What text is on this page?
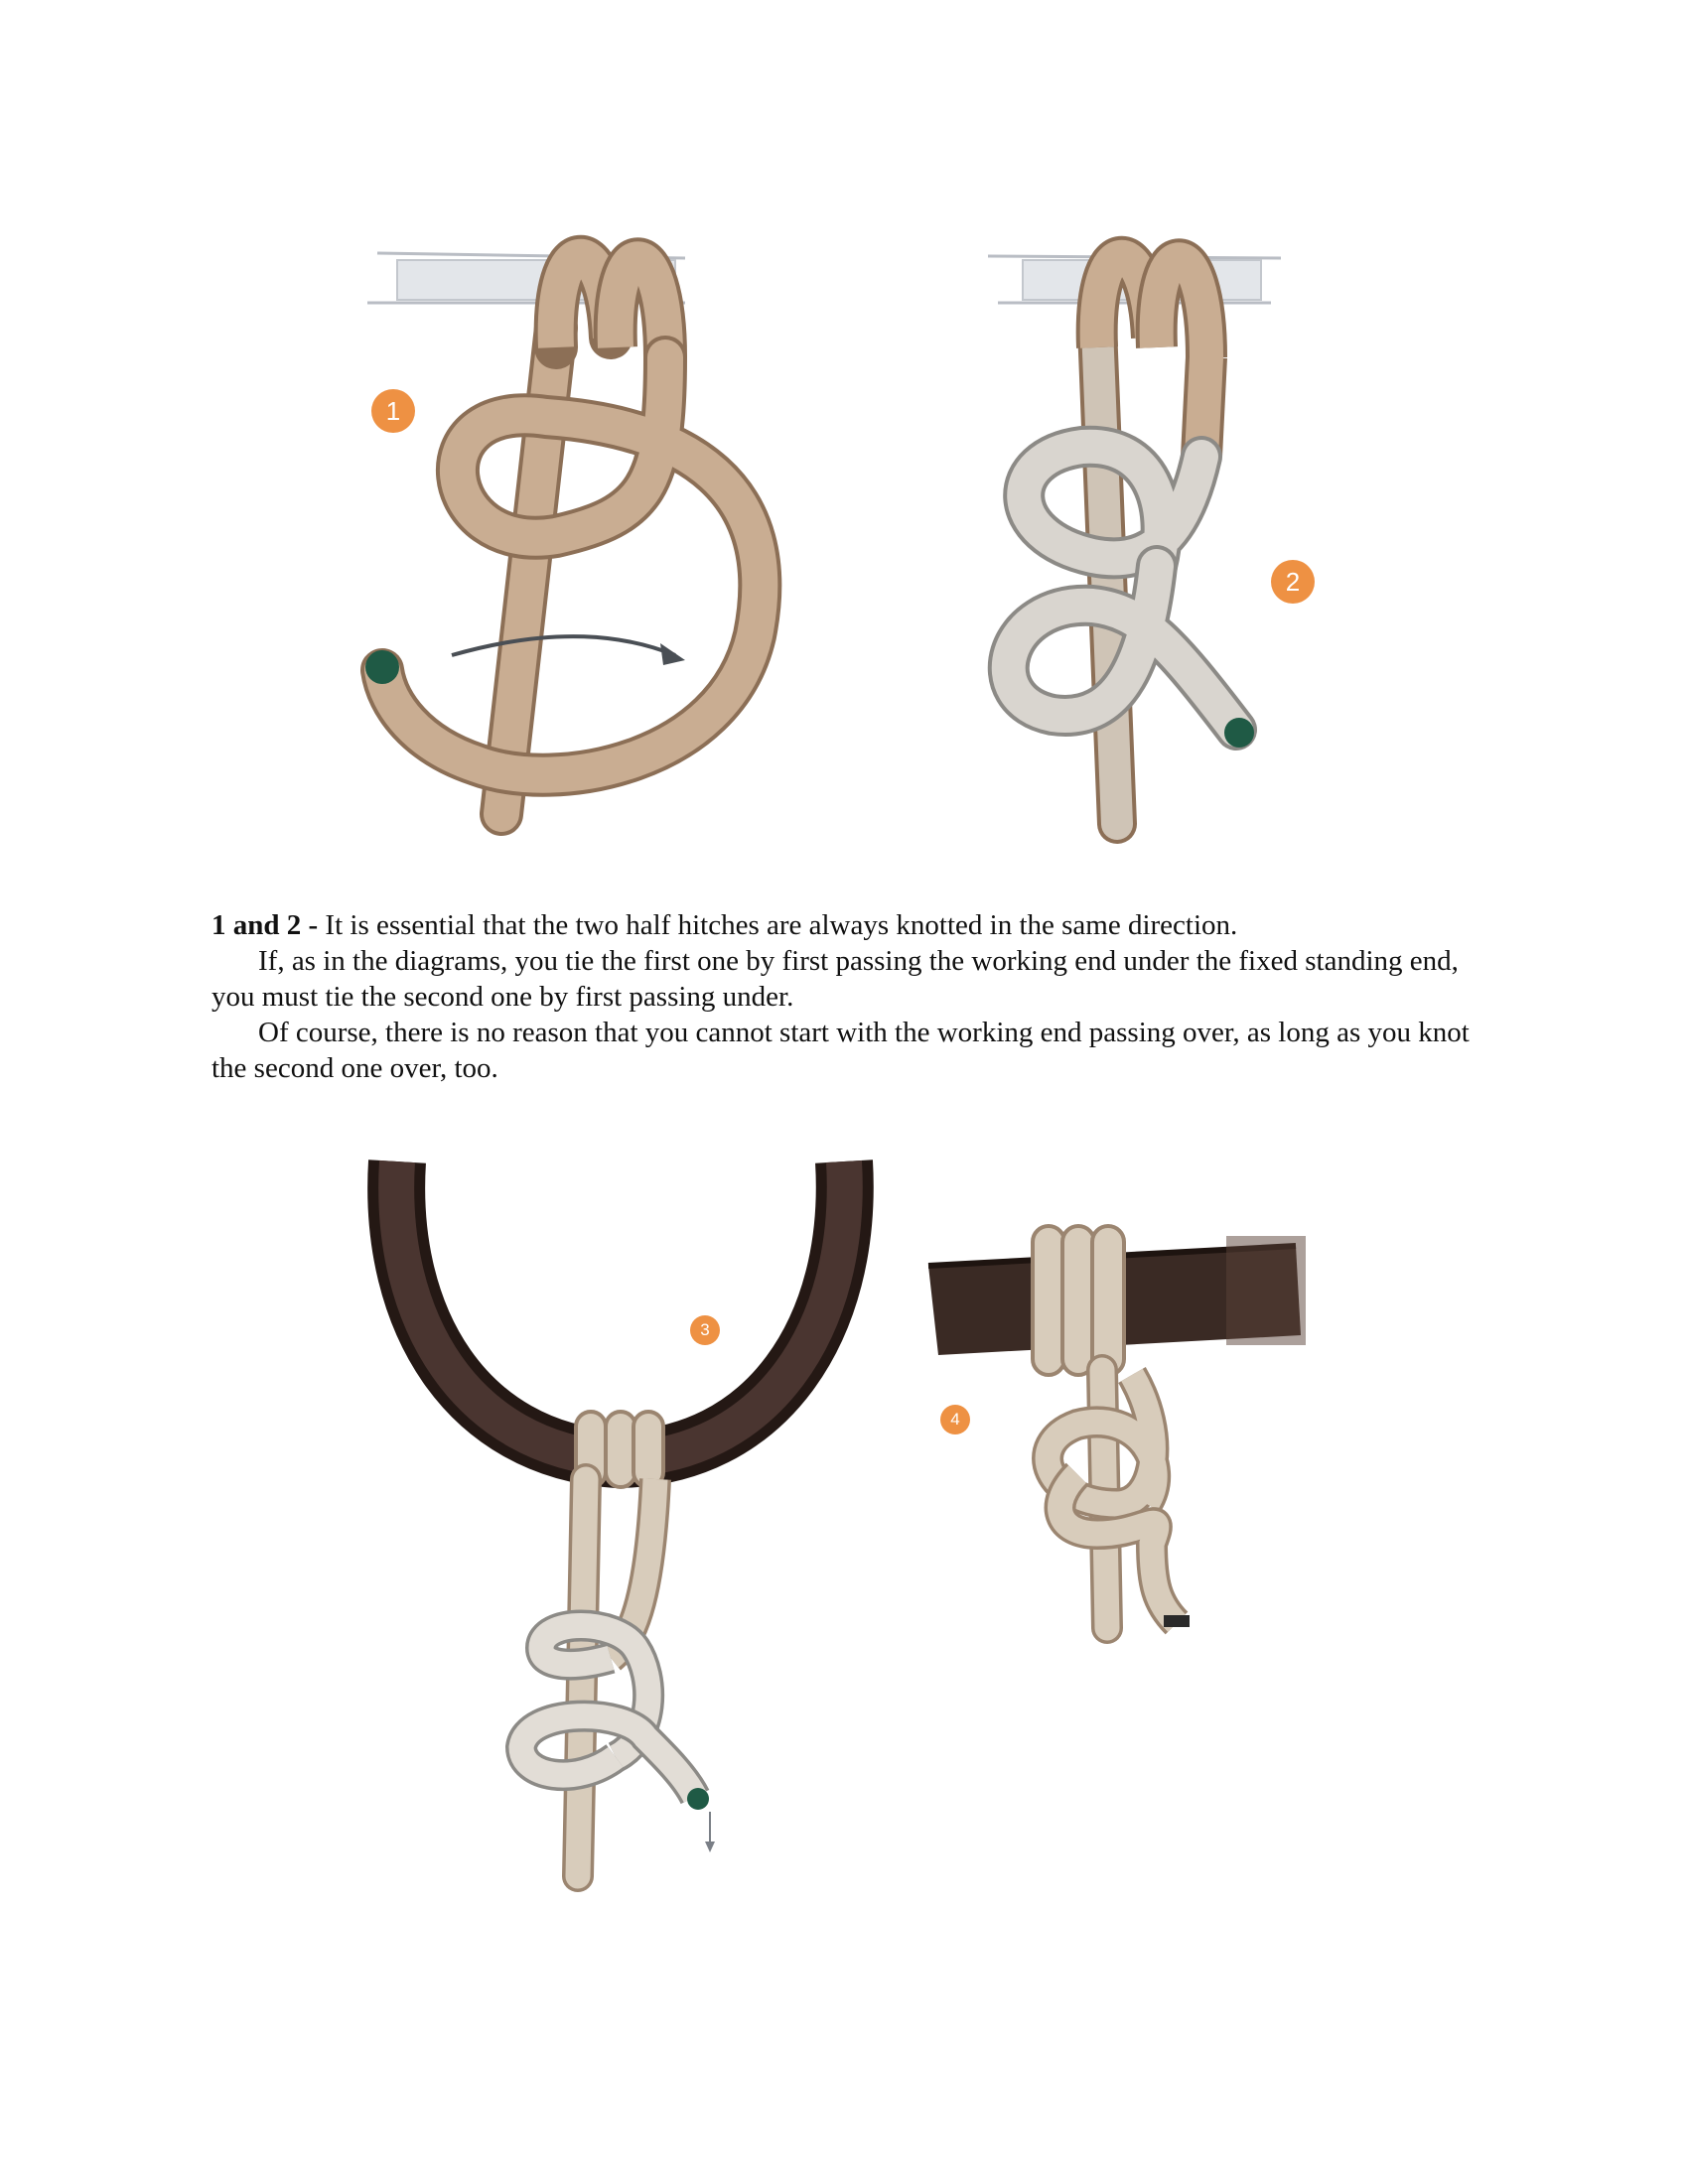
1
2

1 and 2 - It is essential that the two half hitches are always knotted in the same direction.

If, as in the diagrams, you tie the first one by first passing the working end under the fixed standing end, you must tie the second one by first passing under.

Of course, there is no reason that you cannot start with the working end passing over, as long as you knot the second one over, too.

3
4
